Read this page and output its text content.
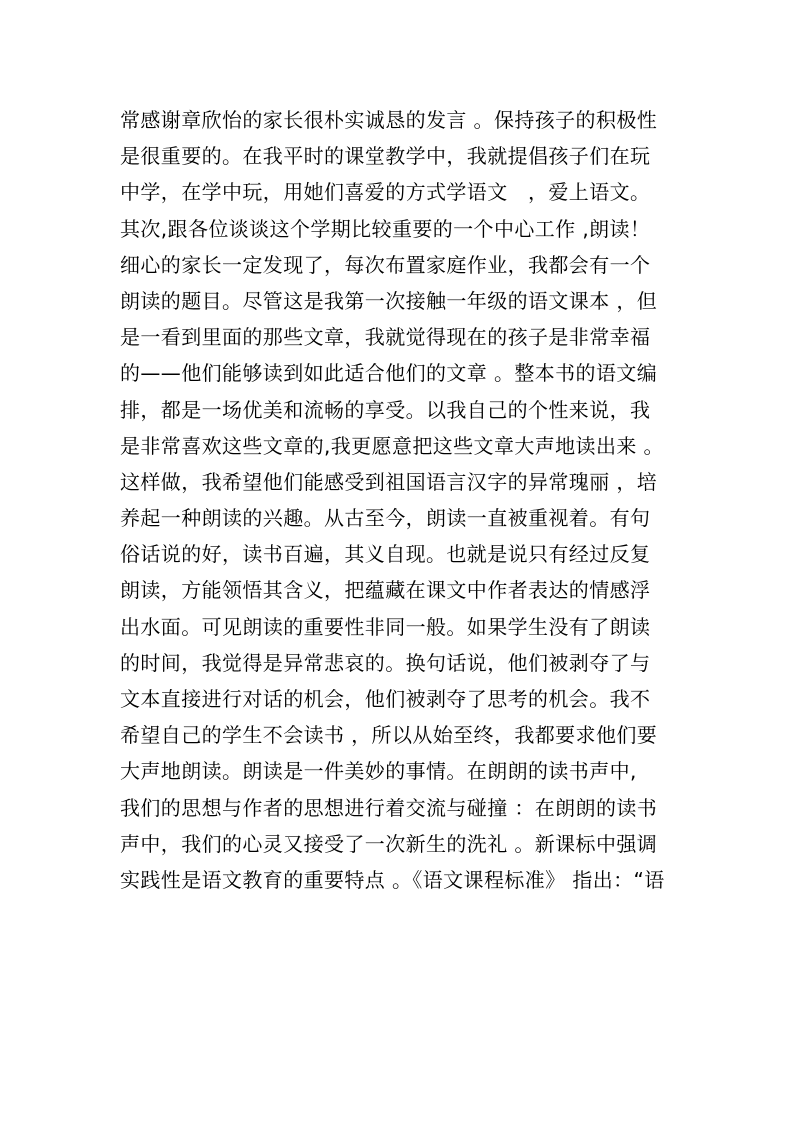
常感谢章欣怡的家长很朴实诚恳的发言 。保持孩子的积极性
是很重要的。在我平时的课堂教学中，我就提倡孩子们在玩
中学，在学中玩，用她们喜爱的方式学语文　，爱上语文。
其次,跟各位谈谈这个学期比较重要的一个中心工作 ,朗读！
细心的家长一定发现了，每次布置家庭作业，我都会有一个
朗读的题目。尽管这是我第一次接触一年级的语文课本 ，但
是一看到里面的那些文章，我就觉得现在的孩子是非常幸福
的——他们能够读到如此适合他们的文章 。整本书的语文编
排，都是一场优美和流畅的享受。以我自己的个性来说，我
是非常喜欢这些文章的,我更愿意把这些文章大声地读出来 。
这样做，我希望他们能感受到祖国语言汉字的异常瑰丽 ，培
养起一种朗读的兴趣。从古至今，朗读一直被重视着。有句
俗话说的好，读书百遍，其义自现。也就是说只有经过反复
朗读，方能领悟其含义，把蕴藏在课文中作者表达的情感浮
出水面。可见朗读的重要性非同一般。如果学生没有了朗读
的时间，我觉得是异常悲哀的。换句话说，他们被剥夺了与
文本直接进行对话的机会，他们被剥夺了思考的机会。我不
希望自己的学生不会读书 ，所以从始至终，我都要求他们要
大声地朗读。朗读是一件美妙的事情。在朗朗的读书声中,
我们的思想与作者的思想进行着交流与碰撞 ：在朗朗的读书
声中，我们的心灵又接受了一次新生的洗礼 。新课标中强调
实践性是语文教育的重要特点 。《语文课程标准》 指出：“语
